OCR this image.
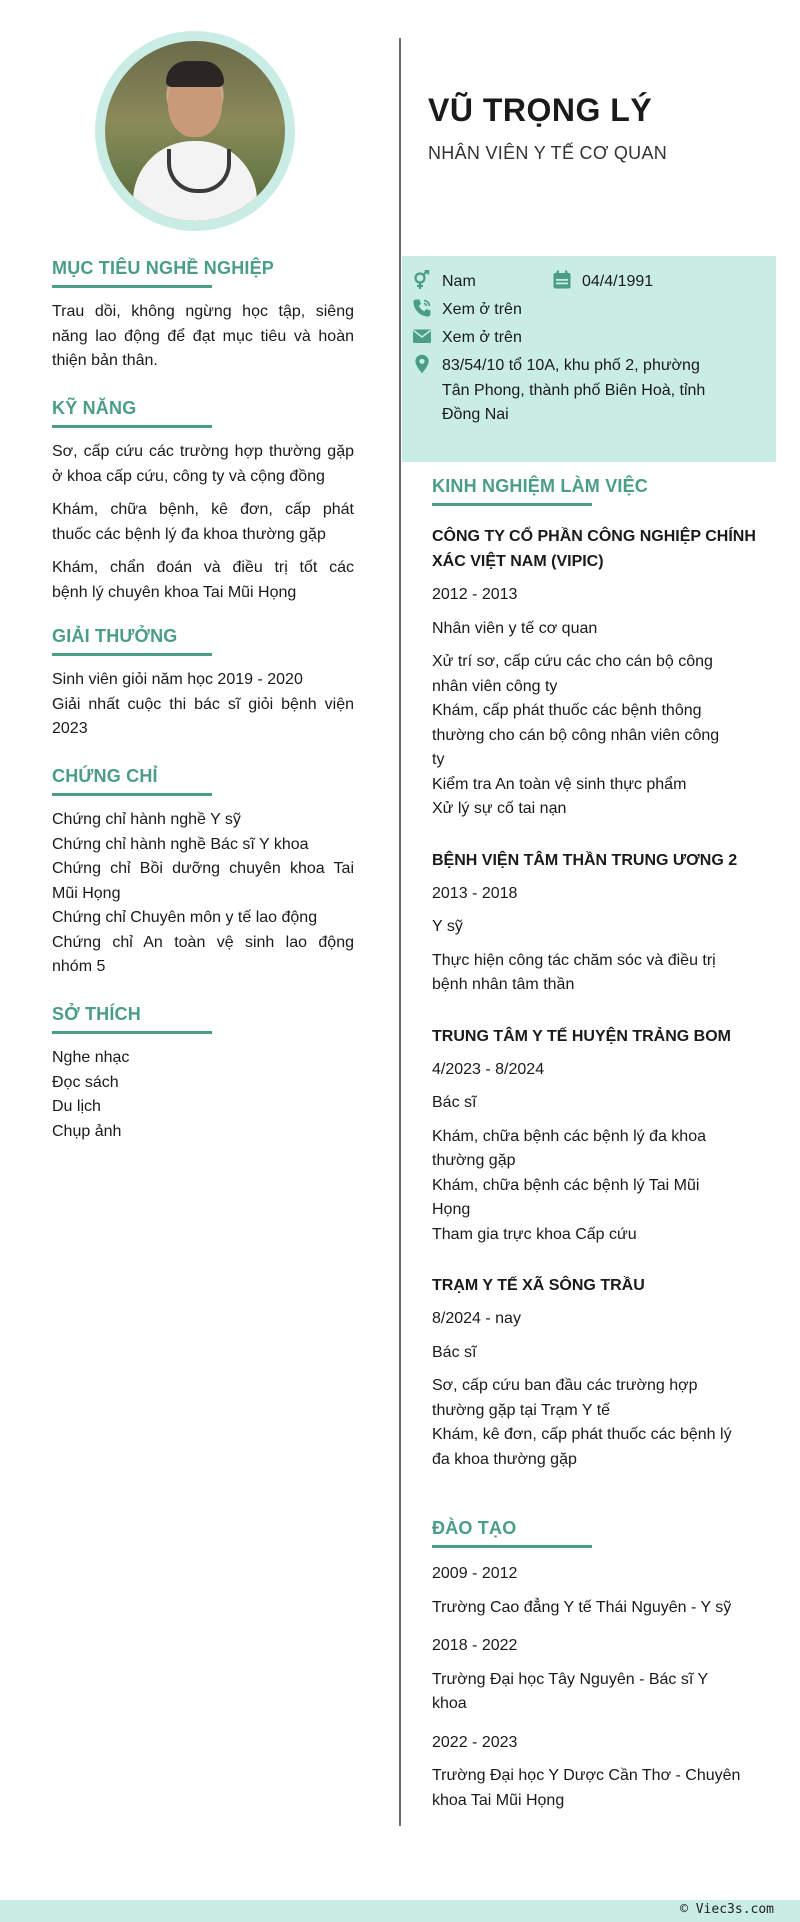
MỤC TIÊU NGHỀ NGHIỆP
Trau dồi, không ngừng học tập, siêng
năng lao động để đạt mục tiêu và hoàn
thiện bản thân.
KỸ NĂNG
Sơ, cấp cứu các trường hợp thường gặp
ở khoa cấp cứu, công ty và cộng đồng
Khám, chữa bệnh, kê đơn, cấp phát
thuốc các bệnh lý đa khoa thường gặp
Khám, chẩn đoán và điều trị tốt các
bệnh lý chuyên khoa Tai Mũi Họng
GIẢI THƯỞNG
Sinh viên giỏi năm học 2019 - 2020
Giải nhất cuộc thi bác sĩ giỏi bệnh viện
2023
CHỨNG CHỈ
Chứng chỉ hành nghề Y sỹ
Chứng chỉ hành nghề Bác sĩ Y khoa
Chứng chỉ Bồi dưỡng chuyên khoa Tai
Mũi Họng
Chứng chỉ Chuyên môn y tế lao động
Chứng chỉ An toàn vệ sinh lao động
nhóm 5
SỞ THÍCH
Nghe nhạc
Đọc sách
Du lịch
Chụp ảnh
VŨ TRỌNG LÝ
NHÂN VIÊN Y TẾ CƠ QUAN
Nam	04/4/1991
Xem ở trên
Xem ở trên
83/54/10 tổ 10A, khu phố 2, phường
Tân Phong, thành phố Biên Hoà, tỉnh
Đồng Nai
KINH NGHIỆM LÀM VIỆC
CÔNG TY CỔ PHẦN CÔNG NGHIỆP CHÍNH
XÁC VIỆT NAM (VIPIC)
2012 - 2013
Nhân viên y tế cơ quan
Xử trí sơ, cấp cứu các cho cán bộ công
nhân viên công ty
Khám, cấp phát thuốc các bệnh thông
thường cho cán bộ công nhân viên công
ty
Kiểm tra An toàn vệ sinh thực phẩm
Xử lý sự cố tai nạn
BỆNH VIỆN TÂM THẦN TRUNG ƯƠNG 2
2013 - 2018
Y sỹ
Thực hiện công tác chăm sóc và điều trị
bệnh nhân tâm thần
TRUNG TÂM Y TẾ HUYỆN TRẢNG BOM
4/2023 - 8/2024
Bác sĩ
Khám, chữa bệnh các bệnh lý đa khoa
thường gặp
Khám, chữa bệnh các bệnh lý Tai Mũi
Họng
Tham gia trực khoa Cấp cứu
TRẠM Y TẾ XÃ SÔNG TRẦU
8/2024 - nay
Bác sĩ
Sơ, cấp cứu ban đầu các trường hợp
thường gặp tại Trạm Y tế
Khám, kê đơn, cấp phát thuốc các bệnh lý
đa khoa thường gặp
ĐÀO TẠO
2009 - 2012
Trường Cao đẳng Y tế Thái Nguyên - Y sỹ
2018 - 2022
Trường Đại học Tây Nguyên - Bác sĩ Y
khoa
2022 - 2023
Trường Đại học Y Dược Cần Thơ - Chuyên
khoa Tai Mũi Họng
© Viec3s.com
